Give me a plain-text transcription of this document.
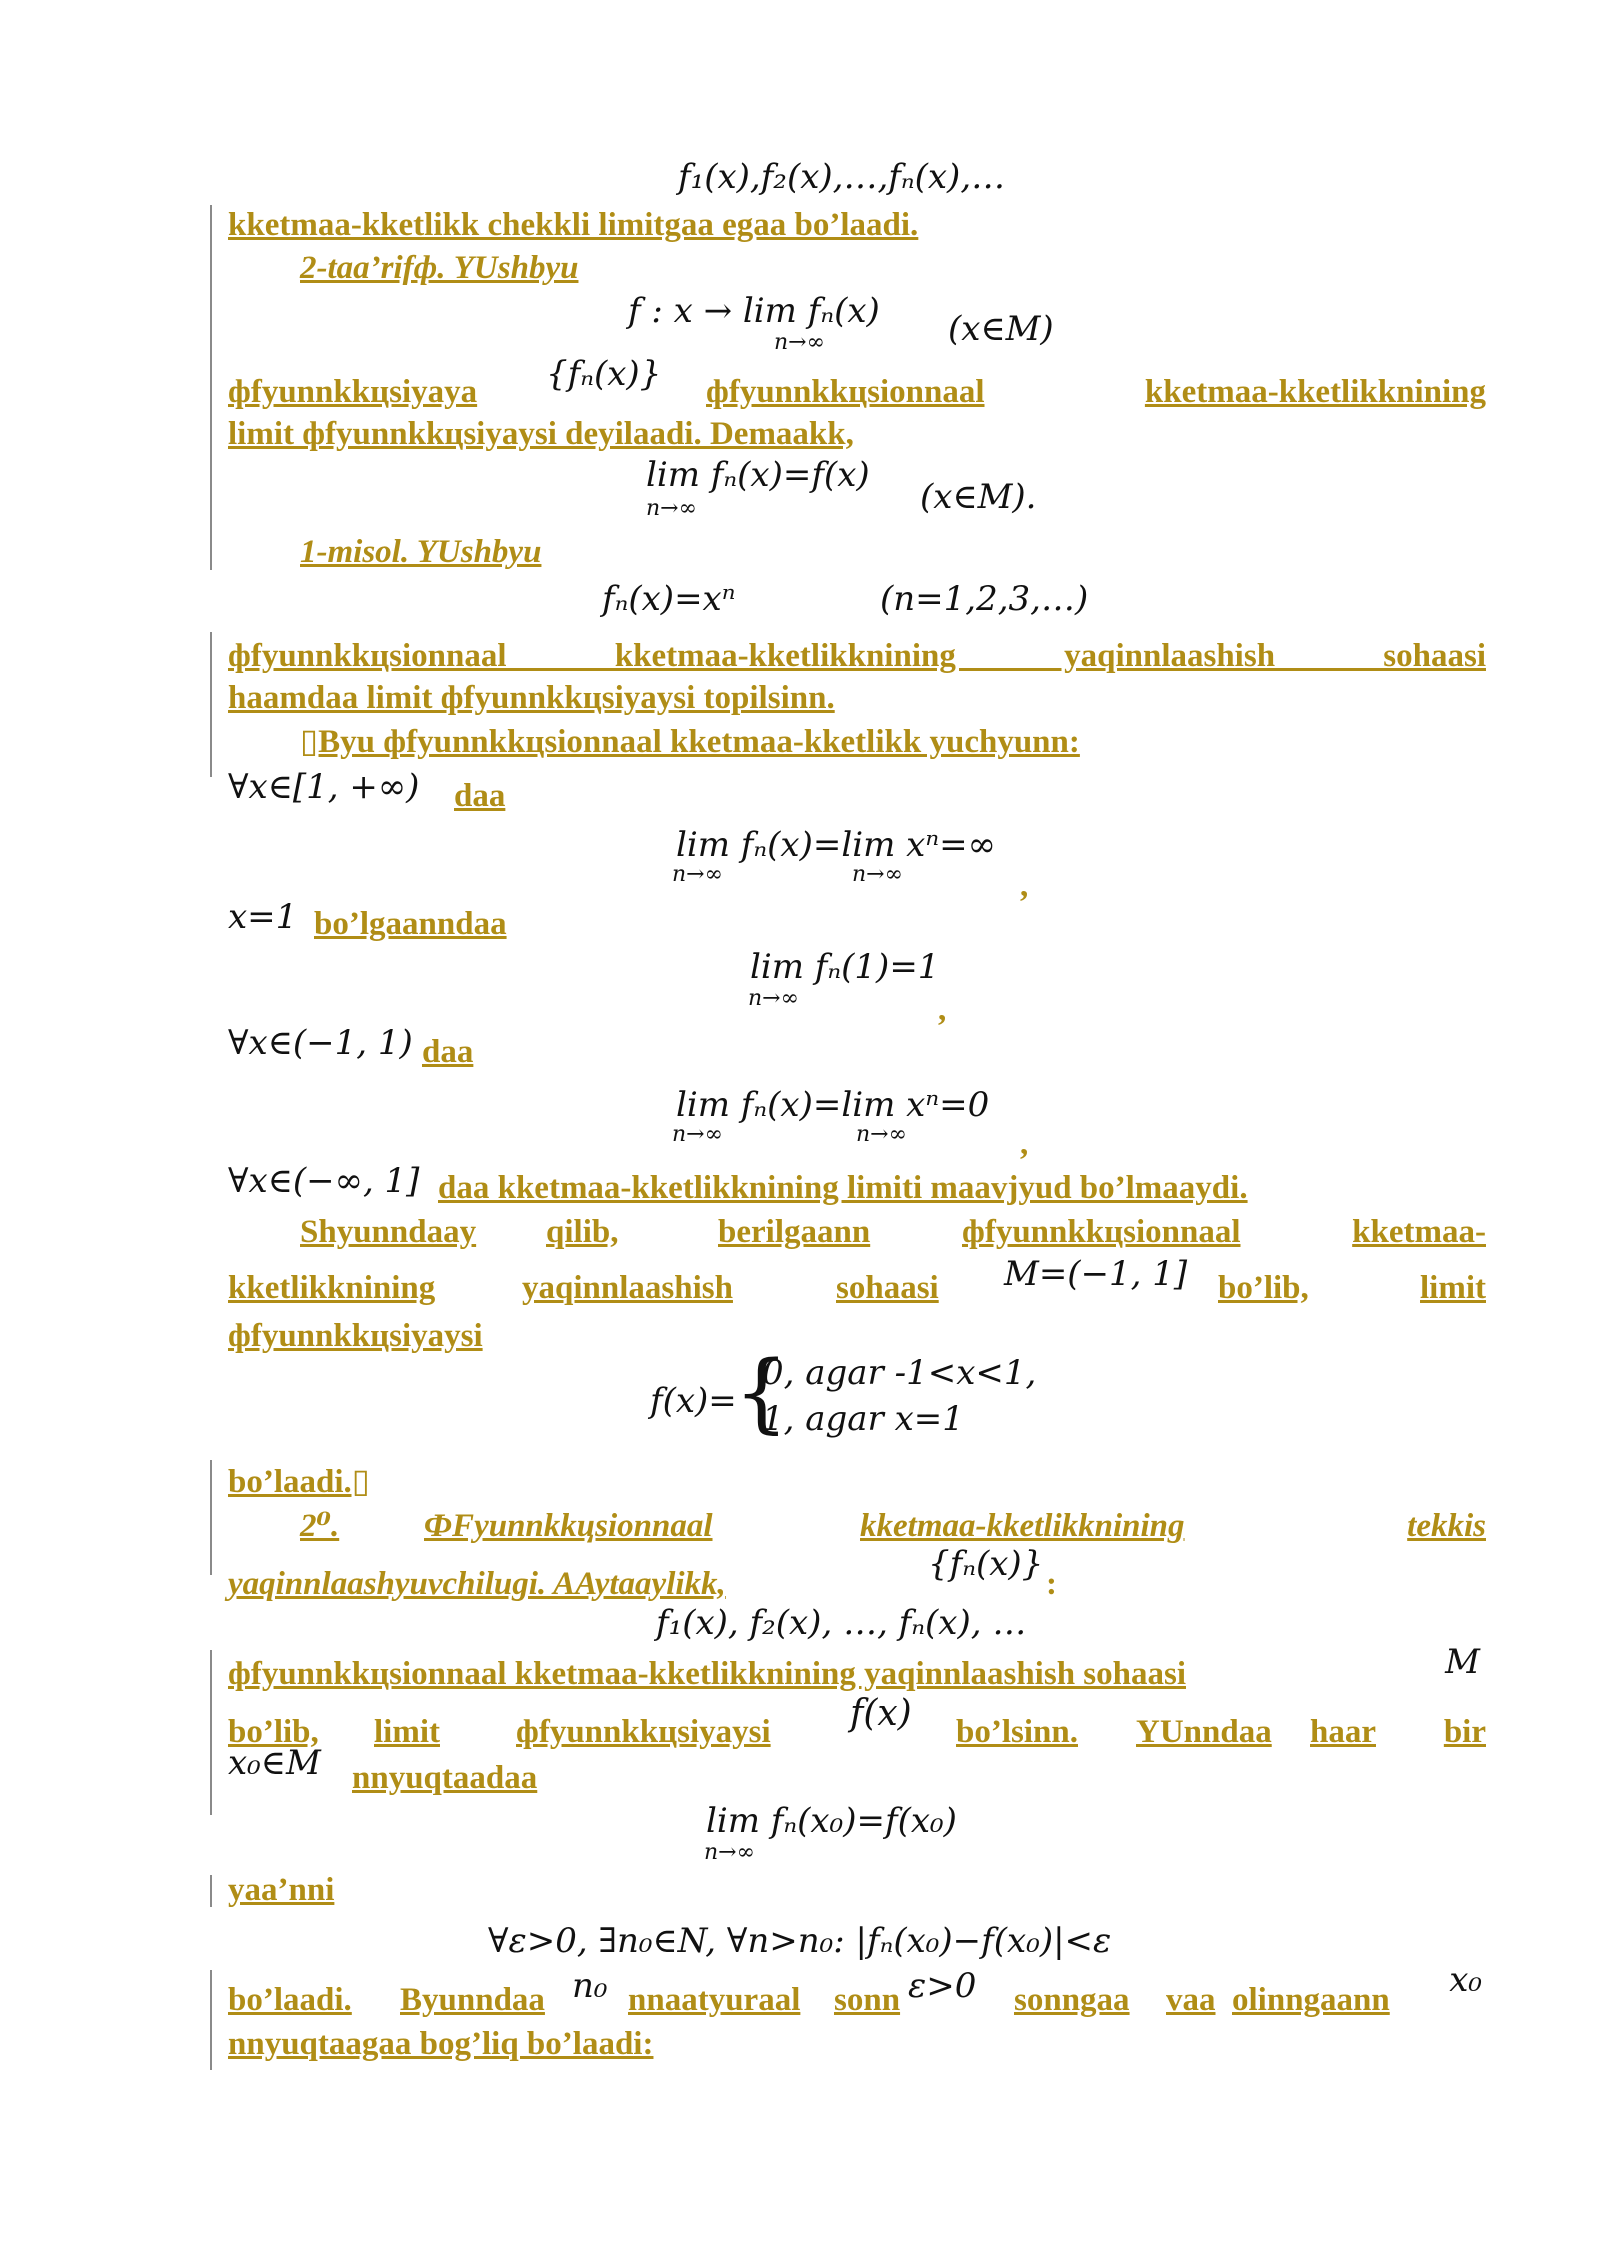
f₁(x),f₂(x),…,fₙ(x),…
kketmaa-kketlikk chekkli limitgaa egaa bo’laadi.
2-taa’rifф. YUshbyu
f : x → lim fₙ(x)
n→∞	(x∈M)
фfyunnkkцsiyaya {fₙ(x)} фfyunnkkцsionnaal	kketmaa-kketlikknining
limit фfyunnkkцsiyaysi deyilaadi. Demaakk,
lim fₙ(x)=f(x)
n→∞	(x∈M).
1-misol. YUshbyu
fₙ(x)=xⁿ	(n=1,2,3,…)
фfyunnkkцsionnaal kketmaa-kketlikknining yaqinnlaashish sohaasi
haamdaa limit фfyunnkkцsiyaysi topilsinn.
▯Byu фfyunnkkцsionnaal kketmaa-kketlikk yuchyunn:
∀x∈[1, +∞) daa
lim fₙ(x)=lim xⁿ=∞
n→∞	n→∞	,
x=1 bo’lgaanndaa
lim fₙ(1)=1
n→∞	,
∀x∈(−1, 1) daa
lim fₙ(x)=lim xⁿ=0
n→∞	n→∞	,
∀x∈(−∞, 1] daa kketmaa-kketlikknining limitі maavjyud bo’lmaaydi.
Shyunndaay qilib,	berilgaann	фfyunnkkцsionnaal	kketmaa-
kketlikknining	yaqinnlaashish	sohaasi M=(−1, 1] bo’lib,	limit
фfyunnkkцsiyaysi
f(x)=
{
0, agar -1<x<1,
1, agar x=1
bo’laadi.▯
2⁰.	ФFyunnkkцsionnaal	kketmaa-kketlikknining	tekkis
yaqinnlaashyuvchilugi. AAytaaylikk,	{fₙ(x)} :
f₁(x), f₂(x), …, fₙ(x), …
фfyunnkkцsionnaal kketmaa-kketlikknining yaqinnlaashish sohaasi	M
bo’lib, limit фfyunnkkцsiyaysi f(x) bo’lsinn. YUnndaa haar bir
x₀∈M nnyuqtaadaa
lim fₙ(x₀)=f(x₀)
n→∞
yaa’nni
∀ε>0, ∃n₀∈N, ∀n>n₀: |fₙ(x₀)−f(x₀)|<ε
bo’laadi. Byunndaa n₀ nnaatyuraal sonn ε>0 sonngaa vaa olinngaann x₀
nnyuqtaagaa bog’liq bo’laadi:
